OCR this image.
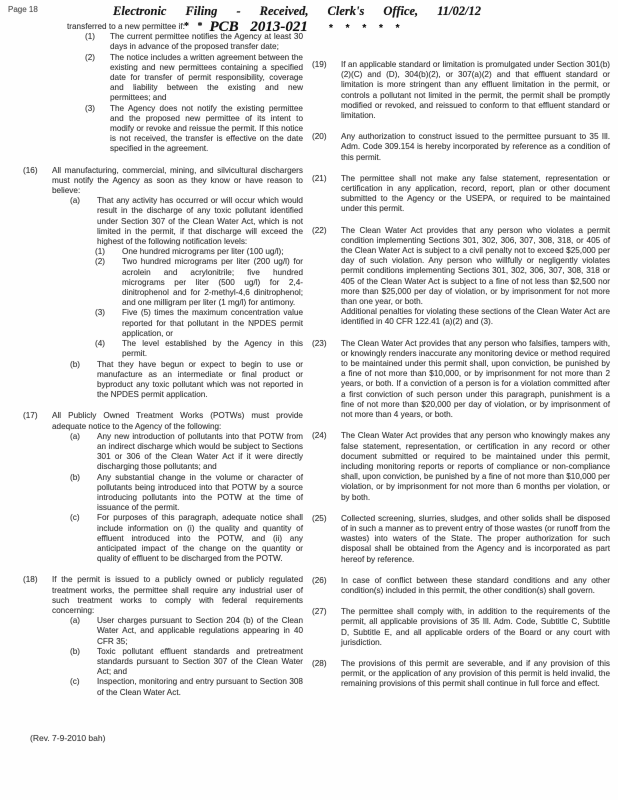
Page 18	Electronic Filing - Received, Clerk's Office, 11/02/12
* * PCB 2013-021 * * * * *
transferred to a new permittee if:
(1)	The current permittee notifies the Agency at least 30 days in advance of the proposed transfer date;
(2)	The notice includes a written agreement between the existing and new permittees containing a specified date for transfer of permit responsibility, coverage and liability between the existing and new permittees; and
(3)	The Agency does not notify the existing permittee and the proposed new permittee of its intent to modify or revoke and reissue the permit. If this notice is not received, the transfer is effective on the date specified in the agreement.
(16)	All manufacturing, commercial, mining, and silvicultural dischargers must notify the Agency as soon as they know or have reason to believe:
(a)	That any activity has occurred or will occur which would result in the discharge of any toxic pollutant identified under Section 307 of the Clean Water Act, which is not limited in the permit, if that discharge will exceed the highest of the following notification levels:
(1)	One hundred micrograms per liter (100 ug/l);
(2)	Two hundred micrograms per liter (200 ug/l) for acrolein and acrylonitrile; five hundred micrograms per liter (500 ug/l) for 2,4-dinitrophenol and for 2-methyl-4,6 dinitrophenol; and one milligram per liter (1 mg/l) for antimony.
(3)	Five (5) times the maximum concentration value reported for that pollutant in the NPDES permit application, or
(4)	The level established by the Agency in this permit.
(b)	That they have begun or expect to begin to use or manufacture as an intermediate or final product or byproduct any toxic pollutant which was not reported in the NPDES permit application.
(17)	All Publicly Owned Treatment Works (POTWs) must provide adequate notice to the Agency of the following:
(a)	Any new introduction of pollutants into that POTW from an indirect discharge which would be subject to Sections 301 or 306 of the Clean Water Act if it were directly discharging those pollutants; and
(b)	Any substantial change in the volume or character of pollutants being introduced into that POTW by a source introducing pollutants into the POTW at the time of issuance of the permit.
(c)	For purposes of this paragraph, adequate notice shall include information on (i) the quality and quantity of effluent introduced into the POTW, and (ii) any anticipated impact of the change on the quantity or quality of effluent to be discharged from the POTW.
(18)	If the permit is issued to a publicly owned or publicly regulated treatment works, the permittee shall require any industrial user of such treatment works to comply with federal requirements concerning:
(a)	User charges pursuant to Section 204 (b) of the Clean Water Act, and applicable regulations appearing in 40 CFR 35;
(b)	Toxic pollutant effluent standards and pretreatment standards pursuant to Section 307 of the Clean Water Act; and
(c)	Inspection, monitoring and entry pursuant to Section 308 of the Clean Water Act.
(19)	If an applicable standard or limitation is promulgated under Section 301(b)(2)(C) and (D), 304(b)(2), or 307(a)(2) and that effluent standard or limitation is more stringent than any effluent limitation in the permit, or controls a pollutant not limited in the permit, the permit shall be promptly modified or revoked, and reissued to conform to that effluent standard or limitation.
(20)	Any authorization to construct issued to the permittee pursuant to 35 Ill. Adm. Code 309.154 is hereby incorporated by reference as a condition of this permit.
(21)	The permittee shall not make any false statement, representation or certification in any application, record, report, plan or other document submitted to the Agency or the USEPA, or required to be maintained under this permit.
(22)	The Clean Water Act provides that any person who violates a permit condition implementing Sections 301, 302, 306, 307, 308, 318, or 405 of the Clean Water Act is subject to a civil penalty not to exceed $25,000 per day of such violation. Any person who willfully or negligently violates permit conditions implementing Sections 301, 302, 306, 307, 308, 318 or 405 of the Clean Water Act is subject to a fine of not less than $2,500 nor more than $25,000 per day of violation, or by imprisonment for not more than one year, or both.
Additional penalties for violating these sections of the Clean Water Act are identified in 40 CFR 122.41 (a)(2) and (3).
(23)	The Clean Water Act provides that any person who falsifies, tampers with, or knowingly renders inaccurate any monitoring device or method required to be maintained under this permit shall, upon conviction, be punished by a fine of not more than $10,000, or by imprisonment for not more than 2 years, or both. If a conviction of a person is for a violation committed after a first conviction of such person under this paragraph, punishment is a fine of not more than $20,000 per day of violation, or by imprisonment of not more than 4 years, or both.
(24)	The Clean Water Act provides that any person who knowingly makes any false statement, representation, or certification in any record or other document submitted or required to be maintained under this permit, including monitoring reports or reports of compliance or non-compliance shall, upon conviction, be punished by a fine of not more than $10,000 per violation, or by imprisonment for not more than 6 months per violation, or by both.
(25)	Collected screening, slurries, sludges, and other solids shall be disposed of in such a manner as to prevent entry of those wastes (or runoff from the wastes) into waters of the State. The proper authorization for such disposal shall be obtained from the Agency and is incorporated as part hereof by reference.
(26)	In case of conflict between these standard conditions and any other condition(s) included in this permit, the other condition(s) shall govern.
(27)	The permittee shall comply with, in addition to the requirements of the permit, all applicable provisions of 35 Ill. Adm. Code, Subtitle C, Subtitle D, Subtitle E, and all applicable orders of the Board or any court with jurisdiction.
(28)	The provisions of this permit are severable, and if any provision of this permit, or the application of any provision of this permit is held invalid, the remaining provisions of this permit shall continue in full force and effect.
(Rev. 7-9-2010 bah)
